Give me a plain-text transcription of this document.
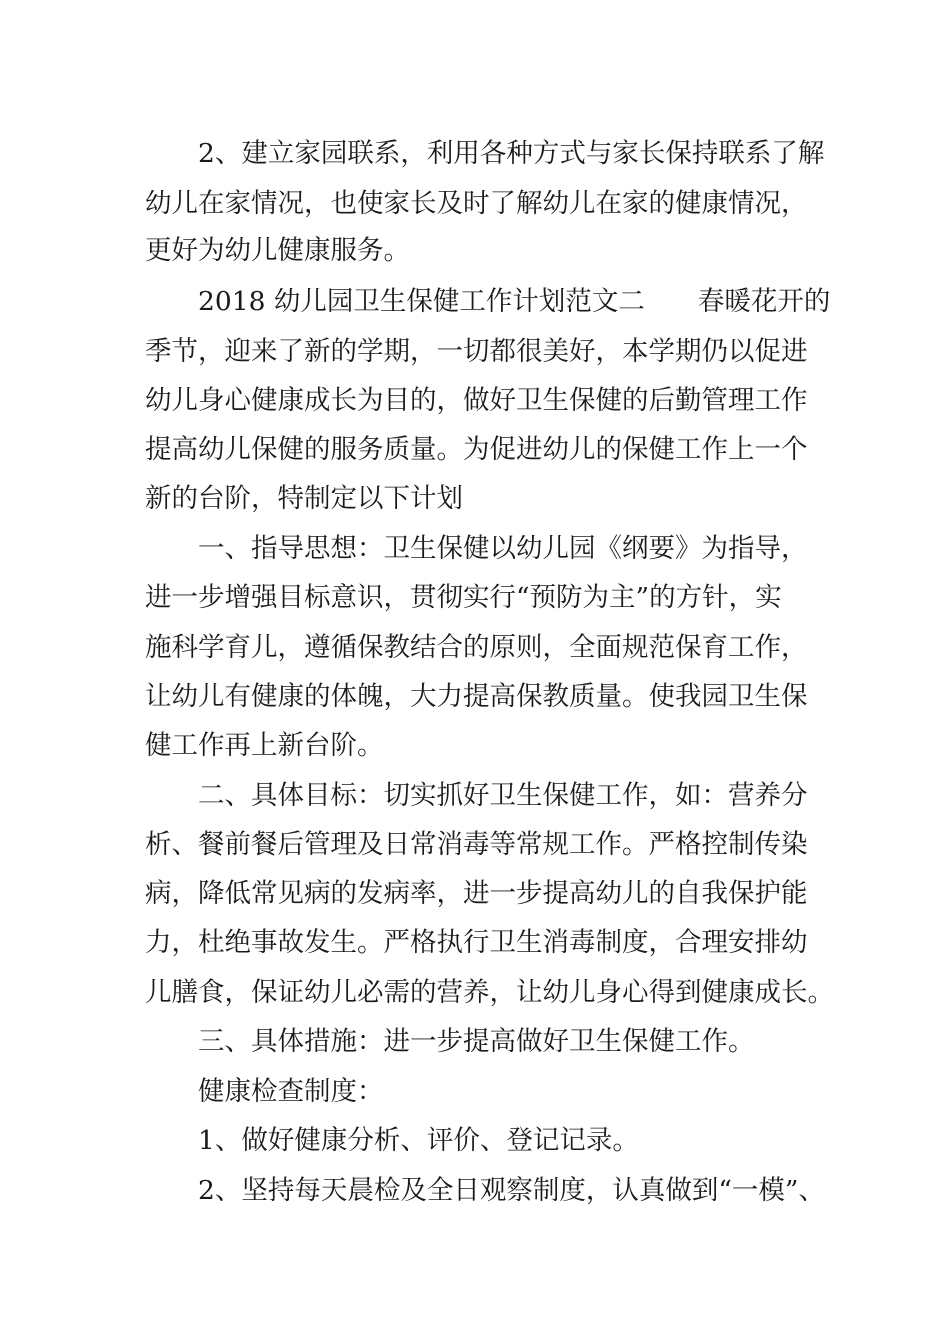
2、建立家园联系，利用各种方式与家长保持联系了解

幼儿在家情况，也使家长及时了解幼儿在家的健康情况，

更好为幼儿健康服务。

2018 幼儿园卫生保健工作计划范文二　　春暖花开的

季节，迎来了新的学期，一切都很美好，本学期仍以促进

幼儿身心健康成长为目的，做好卫生保健的后勤管理工作

提高幼儿保健的服务质量。为促进幼儿的保健工作上一个

新的台阶，特制定以下计划

一、指导思想：卫生保健以幼儿园《纲要》为指导，

进一步增强目标意识，贯彻实行“预防为主”的方针，实

施科学育儿，遵循保教结合的原则，全面规范保育工作，

让幼儿有健康的体魄，大力提高保教质量。使我园卫生保

健工作再上新台阶。

二、具体目标：切实抓好卫生保健工作，如：营养分

析、餐前餐后管理及日常消毒等常规工作。严格控制传染

病，降低常见病的发病率，进一步提高幼儿的自我保护能

力，杜绝事故发生。严格执行卫生消毒制度，合理安排幼

儿膳食，保证幼儿必需的营养，让幼儿身心得到健康成长。

三、具体措施：进一步提高做好卫生保健工作。

健康检查制度：

1、做好健康分析、评价、登记记录。

2、坚持每天晨检及全日观察制度，认真做到“一模”、
